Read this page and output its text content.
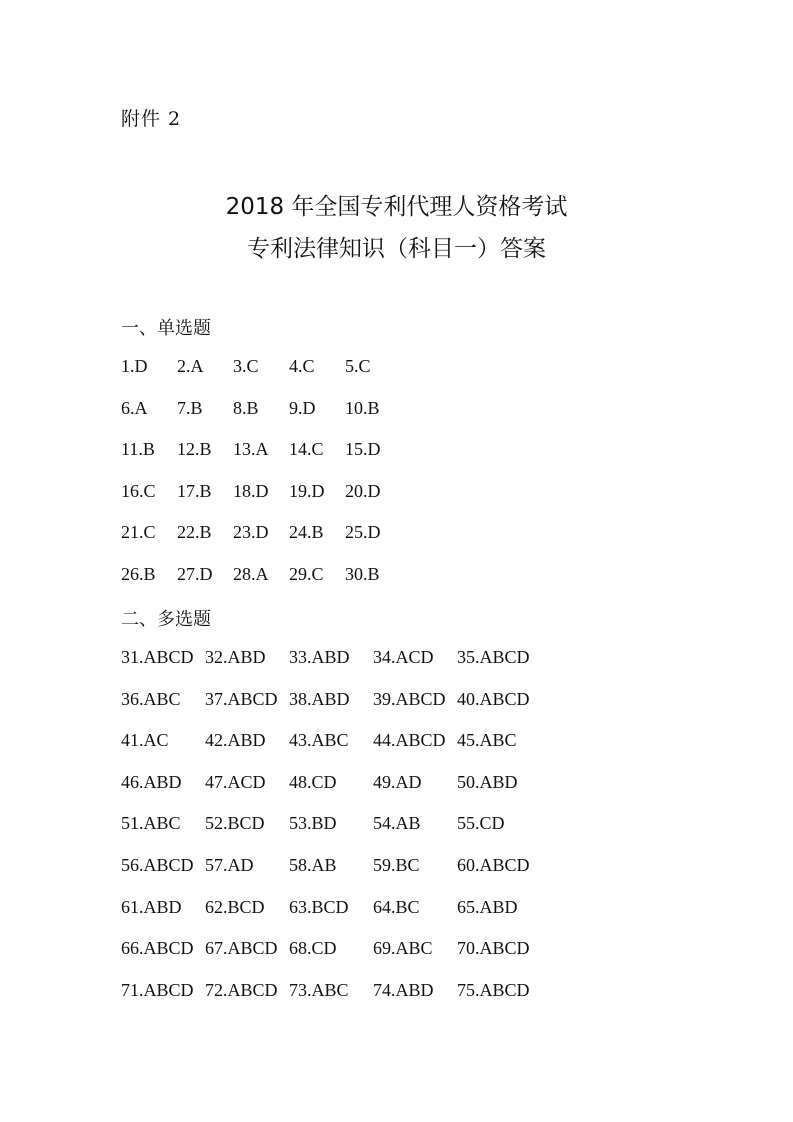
附件 2
2018 年全国专利代理人资格考试
专利法律知识（科目一）答案
一、单选题
1.D 2.A 3.C 4.C 5.C
6.A 7.B 8.B 9.D 10.B
11.B 12.B 13.A 14.C 15.D
16.C 17.B 18.D 19.D 20.D
21.C 22.B 23.D 24.B 25.D
26.B 27.D 28.A 29.C 30.B
二、多选题
31.ABCD 32.ABD 33.ABD 34.ACD 35.ABCD
36.ABC 37.ABCD 38.ABD 39.ABCD 40.ABCD
41.AC 42.ABD 43.ABC 44.ABCD 45.ABC
46.ABD 47.ACD 48.CD 49.AD 50.ABD
51.ABC 52.BCD 53.BD 54.AB 55.CD
56.ABCD 57.AD 58.AB 59.BC 60.ABCD
61.ABD 62.BCD 63.BCD 64.BC 65.ABD
66.ABCD 67.ABCD 68.CD 69.ABC 70.ABCD
71.ABCD 72.ABCD 73.ABC 74.ABD 75.ABCD
